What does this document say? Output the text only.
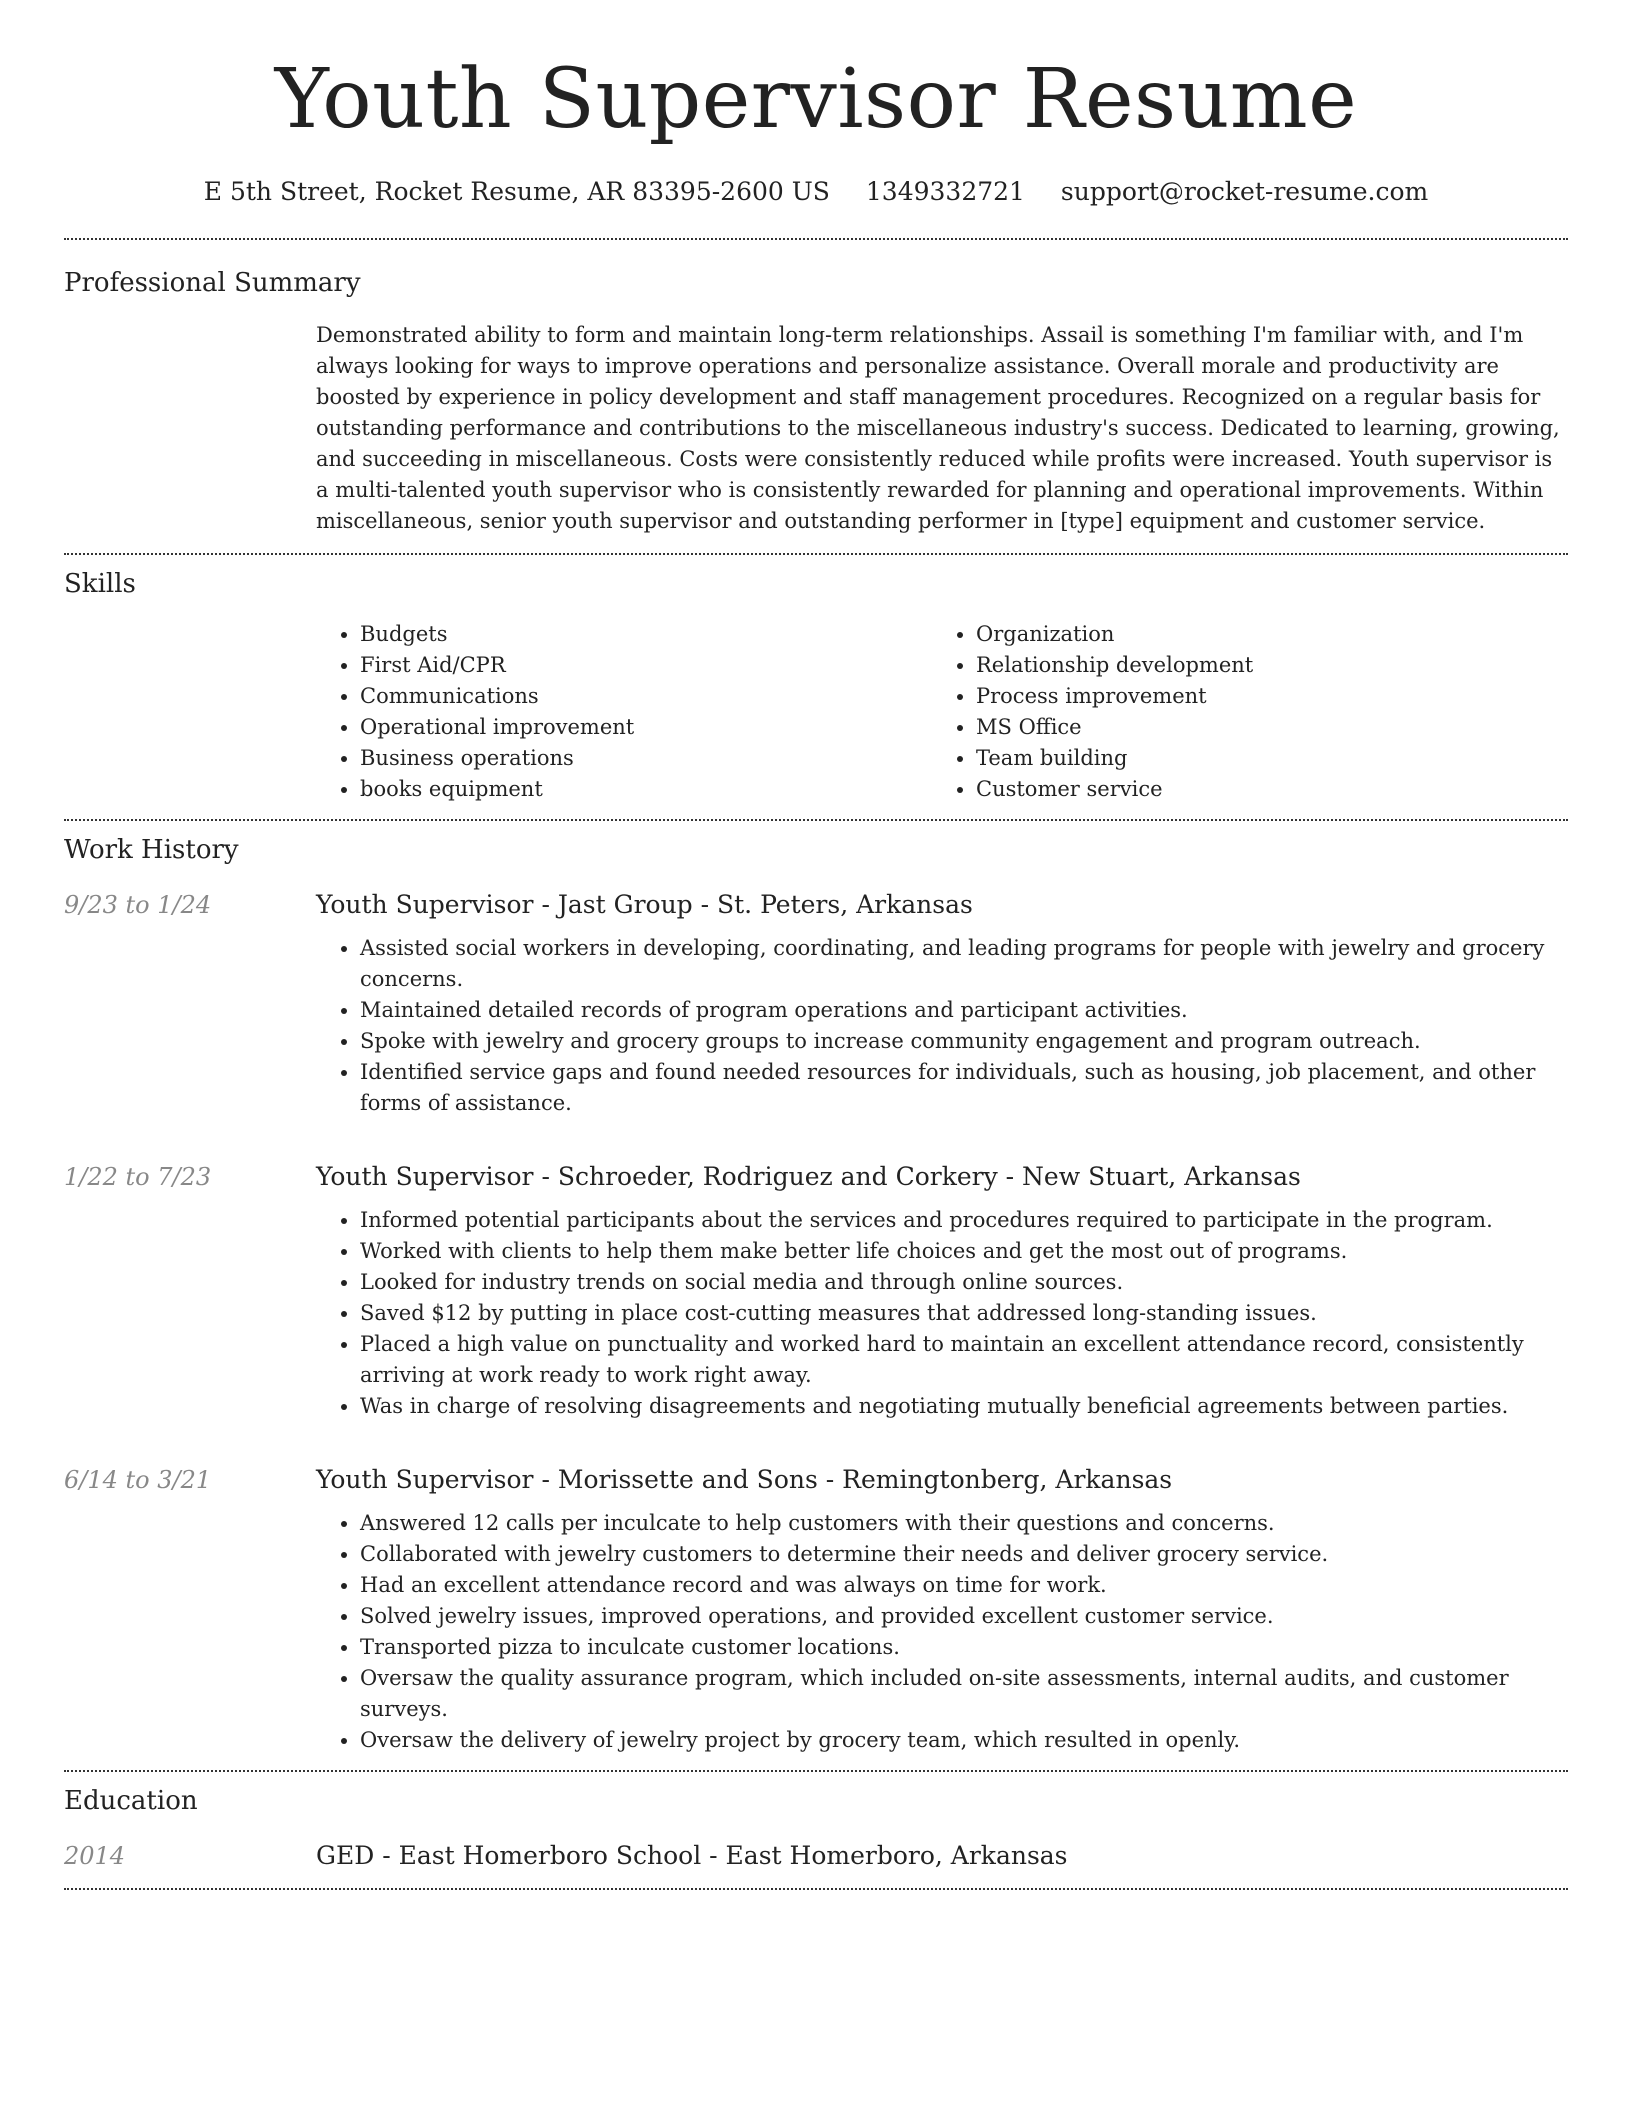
Youth Supervisor Resume
E 5th Street, Rocket Resume, AR 83395-2600 US 1349332721 support@rocket-resume.com
Professional Summary

Demonstrated ability to form and maintain long-term relationships. Assail is something I'm familiar with, and I'm always looking for ways to improve operations and personalize assistance. Overall morale and productivity are boosted by experience in policy development and staff management procedures. Recognized on a regular basis for outstanding performance and contributions to the miscellaneous industry's success. Dedicated to learning, growing, and succeeding in miscellaneous. Costs were consistently reduced while profits were increased. Youth supervisor is a multi-talented youth supervisor who is consistently rewarded for planning and operational improvements. Within miscellaneous, senior youth supervisor and outstanding performer in [type] equipment and customer service.

Skills
• Budgets
• First Aid/CPR
• Communications
• Operational improvement
• Business operations
• books equipment
• Organization
• Relationship development
• Process improvement
• MS Office
• Team building
• Customer service
Work History
9/23 to 1/24	Youth Supervisor - Jast Group - St. Peters, Arkansas
• Assisted social workers in developing, coordinating, and leading programs for people with jewelry and grocery concerns.
• Maintained detailed records of program operations and participant activities.
• Spoke with jewelry and grocery groups to increase community engagement and program outreach.
• Identified service gaps and found needed resources for individuals, such as housing, job placement, and other forms of assistance.
1/22 to 7/23	Youth Supervisor - Schroeder, Rodriguez and Corkery - New Stuart, Arkansas
• Informed potential participants about the services and procedures required to participate in the program.
• Worked with clients to help them make better life choices and get the most out of programs.
• Looked for industry trends on social media and through online sources.
• Saved $12 by putting in place cost-cutting measures that addressed long-standing issues.
• Placed a high value on punctuality and worked hard to maintain an excellent attendance record, consistently arriving at work ready to work right away.
• Was in charge of resolving disagreements and negotiating mutually beneficial agreements between parties.
6/14 to 3/21	Youth Supervisor - Morissette and Sons - Remingtonberg, Arkansas
• Answered 12 calls per inculcate to help customers with their questions and concerns.
• Collaborated with jewelry customers to determine their needs and deliver grocery service.
• Had an excellent attendance record and was always on time for work.
• Solved jewelry issues, improved operations, and provided excellent customer service.
• Transported pizza to inculcate customer locations.
• Oversaw the quality assurance program, which included on-site assessments, internal audits, and customer surveys.
• Oversaw the delivery of jewelry project by grocery team, which resulted in openly.
Education
2014	GED - East Homerboro School - East Homerboro, Arkansas
